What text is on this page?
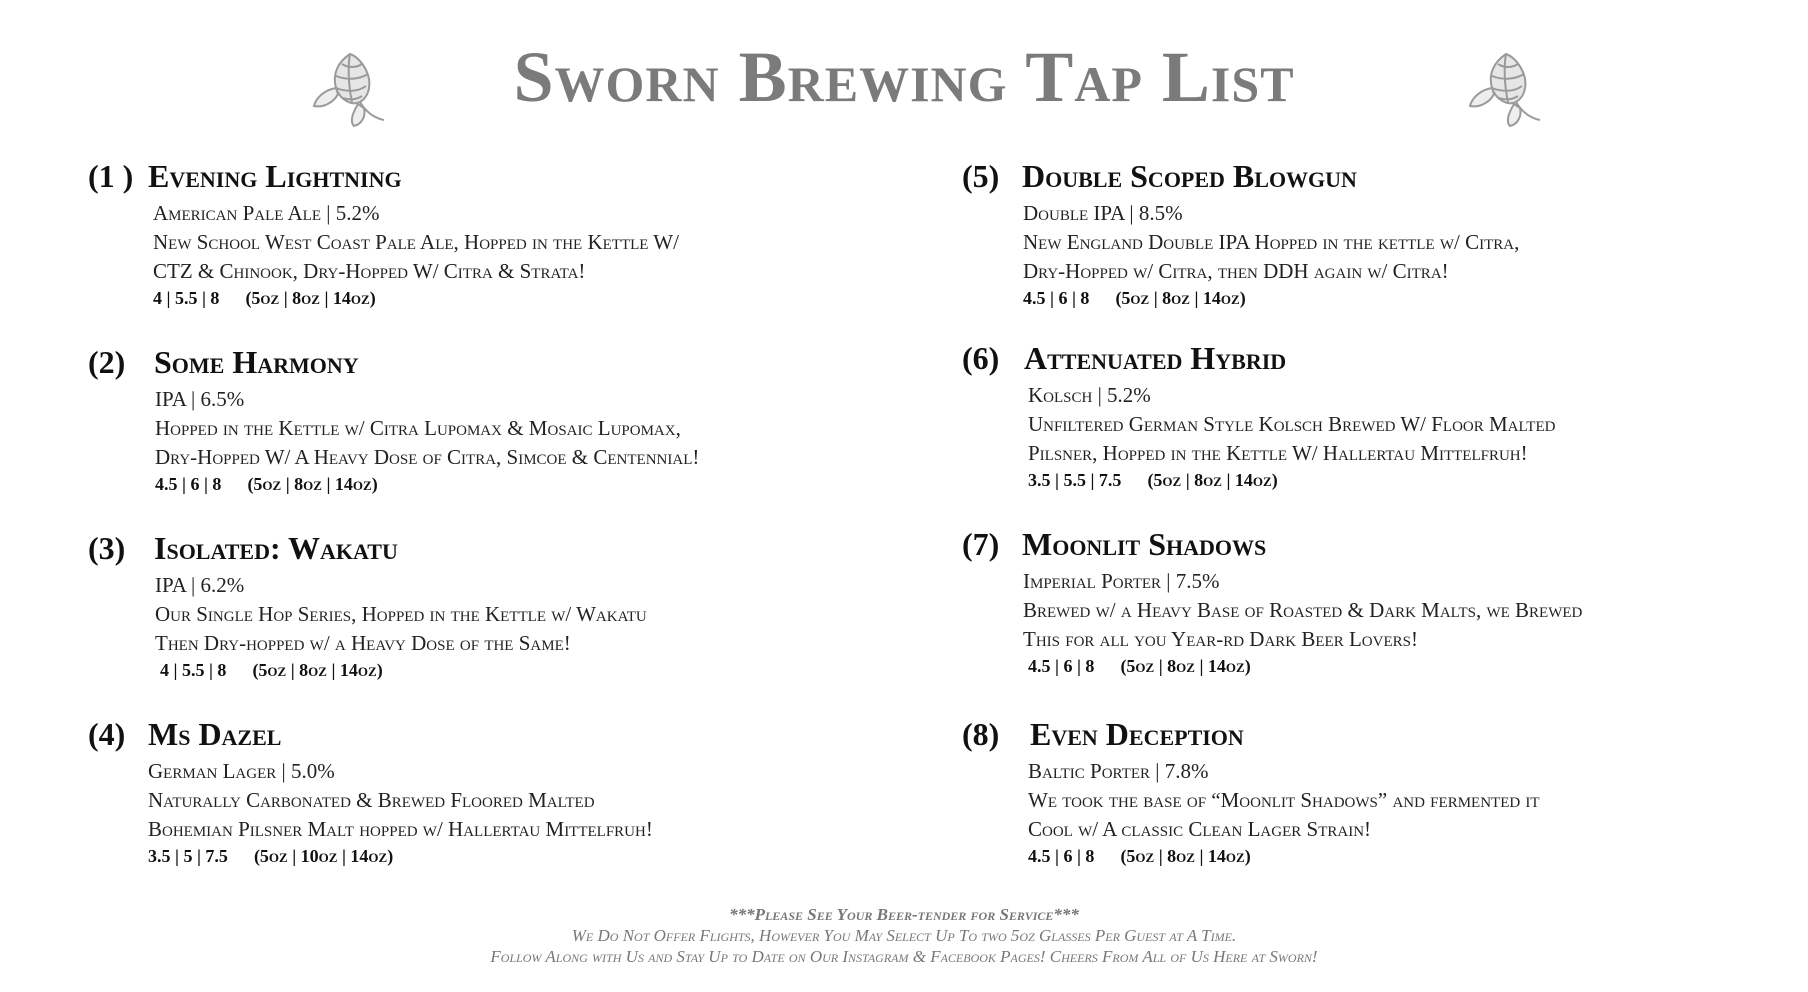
Sworn Brewing Tap List
(1 ) Evening Lightning
American Pale Ale | 5.2%
New School West Coast Pale Ale, Hopped in the Kettle W/
CTZ & Chinook, Dry-Hopped W/ Citra & Strata!
4 | 5.5 | 8 (5oz | 8oz | 14oz)
(2) Some Harmony
IPA | 6.5%
Hopped in the Kettle w/ Citra Lupomax & Mosaic Lupomax,
Dry-Hopped W/ A Heavy Dose of Citra, Simcoe & Centennial!
4.5 | 6 | 8 (5oz | 8oz | 14oz)
(3) Isolated: Wakatu
IPA | 6.2%
Our Single Hop Series, Hopped in the Kettle w/ Wakatu
Then Dry-hopped w/ a Heavy Dose of the Same!
4 | 5.5 | 8 (5oz | 8oz | 14oz)
(4) Ms Dazel
German Lager | 5.0%
Naturally Carbonated & Brewed Floored Malted
Bohemian Pilsner Malt hopped w/ Hallertau Mittelfruh!
3.5 | 5 | 7.5 (5oz | 10oz | 14oz)
(5) Double Scoped Blowgun
Double IPA | 8.5%
New England Double IPA Hopped in the kettle w/ Citra,
Dry-Hopped w/ Citra, then DDH again w/ Citra!
4.5 | 6 | 8 (5oz | 8oz | 14oz)
(6) Attenuated Hybrid
Kolsch | 5.2%
Unfiltered German Style Kolsch Brewed W/ Floor Malted
Pilsner, Hopped in the Kettle W/ Hallertau Mittelfruh!
3.5 | 5.5 | 7.5 (5oz | 8oz | 14oz)
(7) Moonlit Shadows
Imperial Porter | 7.5%
Brewed w/ a Heavy Base of Roasted & Dark Malts, we Brewed
This for all you Year-rd Dark Beer Lovers!
4.5 | 6 | 8 (5oz | 8oz | 14oz)
(8) Even Deception
Baltic Porter | 7.8%
We took the base of “Moonlit Shadows” and fermented it
Cool w/ A classic Clean Lager Strain!
4.5 | 6 | 8 (5oz | 8oz | 14oz)
***Please See Your Beer-tender for Service***
We Do Not Offer Flights, However You May Select Up To two 5oz Glasses Per Guest at A Time.
Follow Along with Us and Stay Up to Date on Our Instagram & Facebook Pages! Cheers From All of Us Here at Sworn!
